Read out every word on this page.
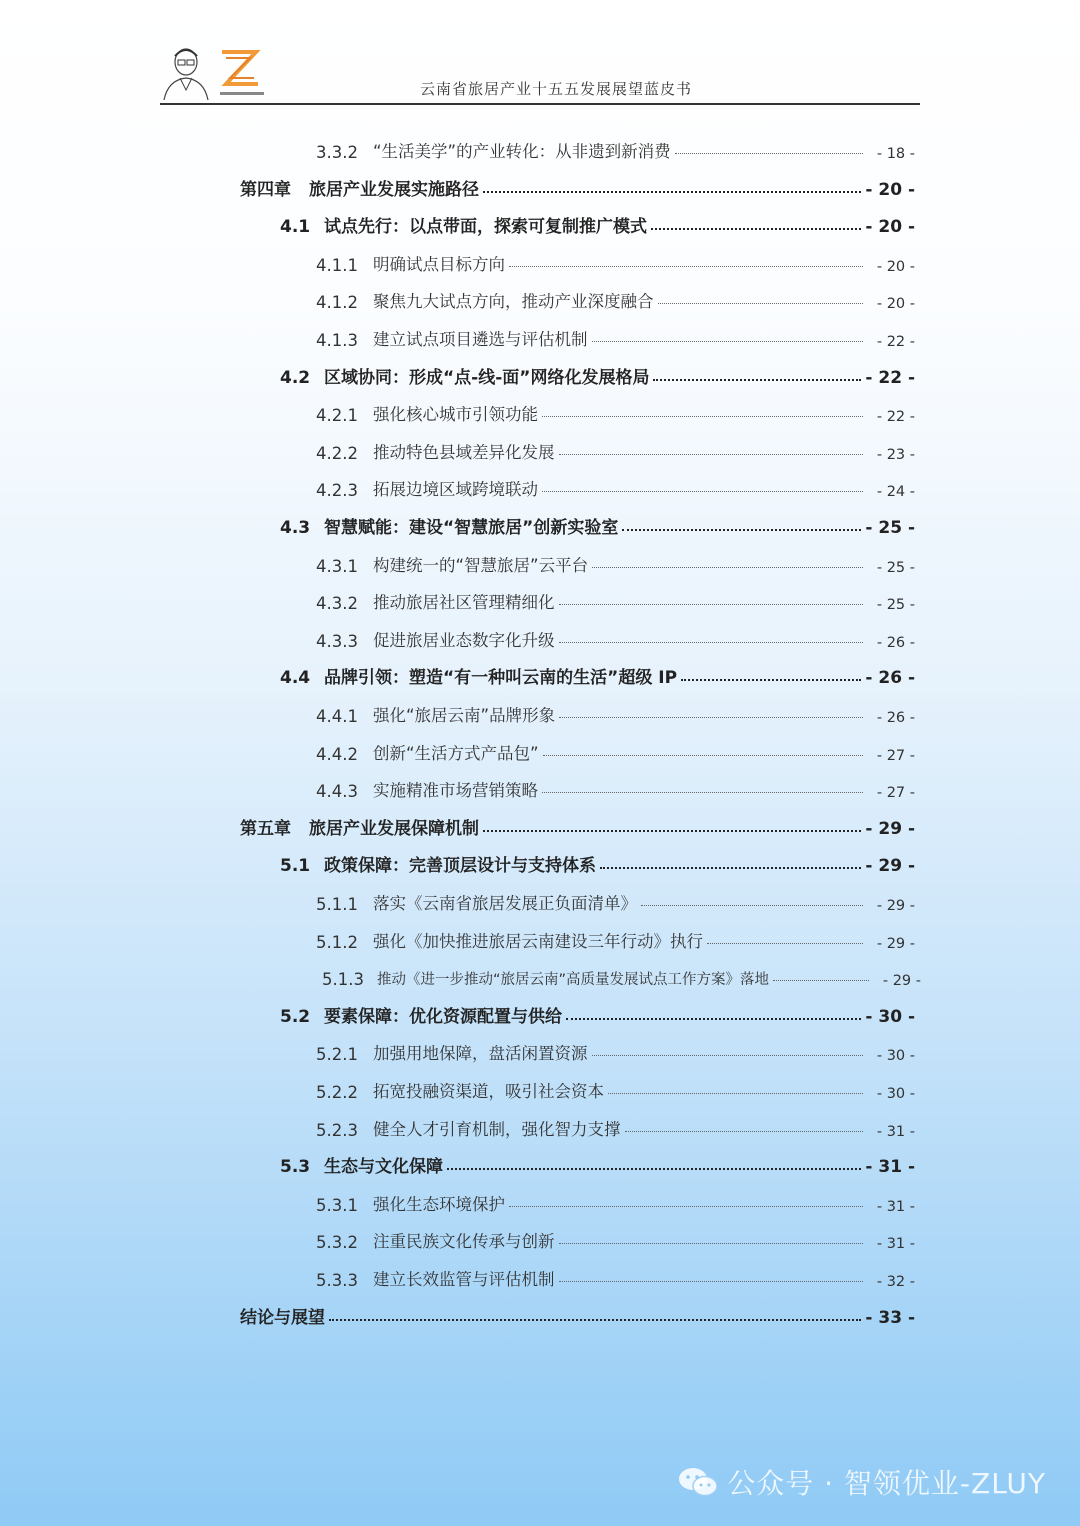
云南省旅居产业十五五发展展望蓝皮书
3.3.2 “生活美学”的产业转化：从非遗到新消费	- 18 -
第四章 旅居产业发展实施路径	- 20 -
4.1 试点先行：以点带面，探索可复制推广模式	- 20 -
4.1.1 明确试点目标方向	- 20 -
4.1.2 聚焦九大试点方向，推动产业深度融合	- 20 -
4.1.3 建立试点项目遴选与评估机制	- 22 -
4.2 区域协同：形成“点-线-面”网络化发展格局	- 22 -
4.2.1 强化核心城市引领功能	- 22 -
4.2.2 推动特色县域差异化发展	- 23 -
4.2.3 拓展边境区域跨境联动	- 24 -
4.3 智慧赋能：建设“智慧旅居”创新实验室	- 25 -
4.3.1 构建统一的“智慧旅居”云平台	- 25 -
4.3.2 推动旅居社区管理精细化	- 25 -
4.3.3 促进旅居业态数字化升级	- 26 -
4.4 品牌引领：塑造“有一种叫云南的生活”超级 IP	- 26 -
4.4.1 强化“旅居云南”品牌形象	- 26 -
4.4.2 创新“生活方式产品包”	- 27 -
4.4.3 实施精准市场营销策略	- 27 -
第五章 旅居产业发展保障机制	- 29 -
5.1 政策保障：完善顶层设计与支持体系	- 29 -
5.1.1 落实《云南省旅居发展正负面清单》	- 29 -
5.1.2 强化《加快推进旅居云南建设三年行动》执行	- 29 -
5.1.3 推动《进一步推动“旅居云南”高质量发展试点工作方案》落地	- 29 -
5.2 要素保障：优化资源配置与供给	- 30 -
5.2.1 加强用地保障，盘活闲置资源	- 30 -
5.2.2 拓宽投融资渠道，吸引社会资本	- 30 -
5.2.3 健全人才引育机制，强化智力支撑	- 31 -
5.3 生态与文化保障	- 31 -
5.3.1 强化生态环境保护	- 31 -
5.3.2 注重民族文化传承与创新	- 31 -
5.3.3 建立长效监管与评估机制	- 32 -
结论与展望	- 33 -
公众号 · 智领优业-ZLUY
